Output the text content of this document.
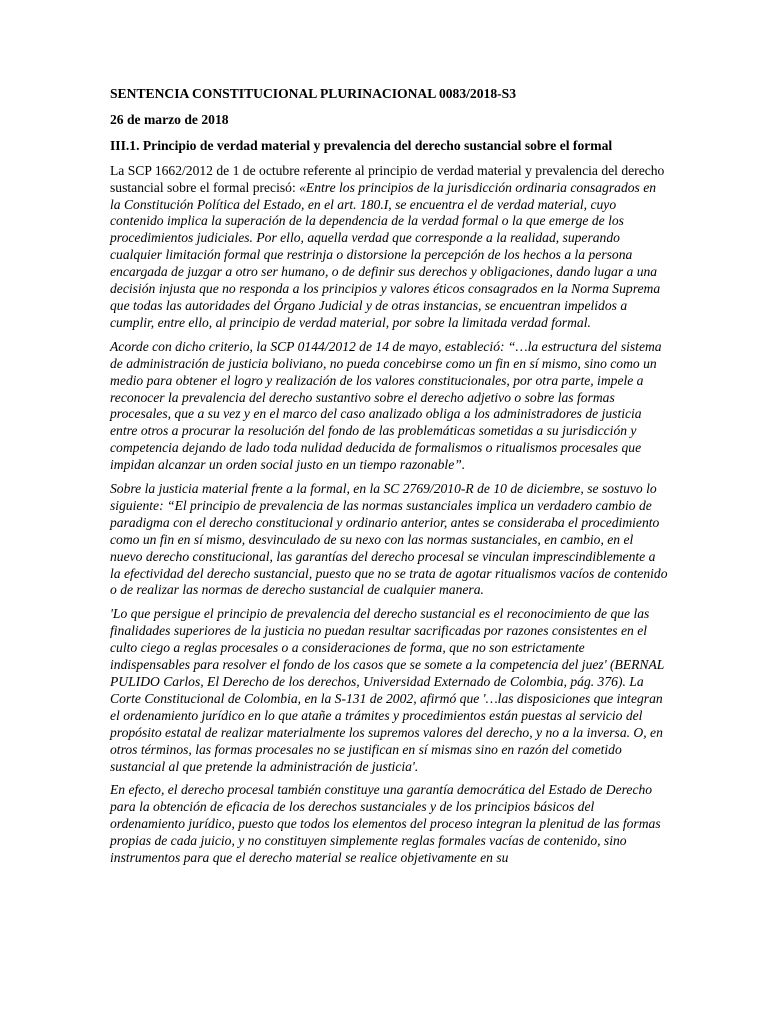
SENTENCIA CONSTITUCIONAL PLURINACIONAL 0083/2018-S3

26 de marzo de 2018

III.1. Principio de verdad material y prevalencia del derecho sustancial sobre el formal

La SCP 1662/2012 de 1 de octubre referente al principio de verdad material y prevalencia del derecho sustancial sobre el formal precisó: «Entre los principios de la jurisdicción ordinaria consagrados en la Constitución Política del Estado, en el art. 180.I, se encuentra el de verdad material, cuyo contenido implica la superación de la dependencia de la verdad formal o la que emerge de los procedimientos judiciales. Por ello, aquella verdad que corresponde a la realidad, superando cualquier limitación formal que restrinja o distorsione la percepción de los hechos a la persona encargada de juzgar a otro ser humano, o de definir sus derechos y obligaciones, dando lugar a una decisión injusta que no responda a los principios y valores éticos consagrados en la Norma Suprema que todas las autoridades del Órgano Judicial y de otras instancias, se encuentran impelidos a cumplir, entre ello, al principio de verdad material, por sobre la limitada verdad formal.

Acorde con dicho criterio, la SCP 0144/2012 de 14 de mayo, estableció: “…la estructura del sistema de administración de justicia boliviano, no pueda concebirse como un fin en sí mismo, sino como un medio para obtener el logro y realización de los valores constitucionales, por otra parte, impele a reconocer la prevalencia del derecho sustantivo sobre el derecho adjetivo o sobre las formas procesales, que a su vez y en el marco del caso analizado obliga a los administradores de justicia entre otros a procurar la resolución del fondo de las problemáticas sometidas a su jurisdicción y competencia dejando de lado toda nulidad deducida de formalismos o ritualismos procesales que impidan alcanzar un orden social justo en un tiempo razonable”.

Sobre la justicia material frente a la formal, en la SC 2769/2010-R de 10 de diciembre, se sostuvo lo siguiente: “El principio de prevalencia de las normas sustanciales implica un verdadero cambio de paradigma con el derecho constitucional y ordinario anterior, antes se consideraba el procedimiento como un fin en sí mismo, desvinculado de su nexo con las normas sustanciales, en cambio, en el nuevo derecho constitucional, las garantías del derecho procesal se vinculan imprescindiblemente a la efectividad del derecho sustancial, puesto que no se trata de agotar ritualismos vacíos de contenido o de realizar las normas de derecho sustancial de cualquier manera.

'Lo que persigue el principio de prevalencia del derecho sustancial es el reconocimiento de que las finalidades superiores de la justicia no puedan resultar sacrificadas por razones consistentes en el culto ciego a reglas procesales o a consideraciones de forma, que no son estrictamente indispensables para resolver el fondo de los casos que se somete a la competencia del juez' (BERNAL PULIDO Carlos, El Derecho de los derechos, Universidad Externado de Colombia, pág. 376). La Corte Constitucional de Colombia, en la S-131 de 2002, afirmó que '…las disposiciones que integran el ordenamiento jurídico en lo que atañe a trámites y procedimientos están puestas al servicio del propósito estatal de realizar materialmente los supremos valores del derecho, y no a la inversa. O, en otros términos, las formas procesales no se justifican en sí mismas sino en razón del cometido sustancial al que pretende la administración de justicia'.

En efecto, el derecho procesal también constituye una garantía democrática del Estado de Derecho para la obtención de eficacia de los derechos sustanciales y de los principios básicos del ordenamiento jurídico, puesto que todos los elementos del proceso integran la plenitud de las formas propias de cada juicio, y no constituyen simplemente reglas formales vacías de contenido, sino instrumentos para que el derecho material se realice objetivamente en su
